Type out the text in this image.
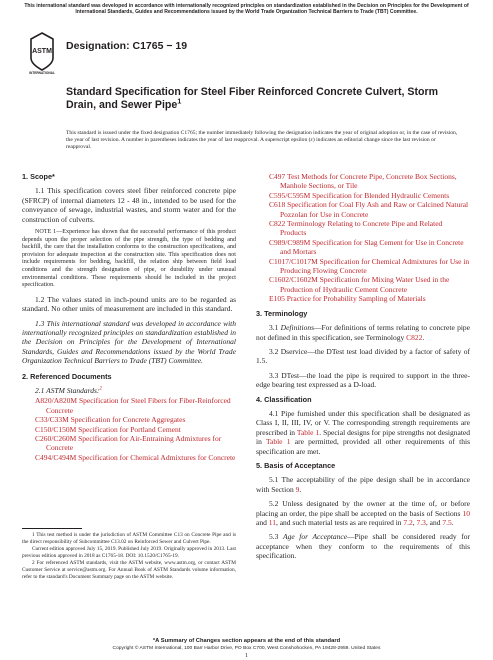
This international standard was developed in accordance with internationally recognized principles on standardization established in the Decision on Principles for the Development of International Standards, Guides and Recommendations issued by the World Trade Organization Technical Barriers to Trade (TBT) Committee.
ASTM
INTERNATIONAL
Designation: C1765 − 19
Standard Specification for Steel Fiber Reinforced Concrete Culvert, Storm Drain, and Sewer Pipe$^1$
This standard is issued under the fixed designation C1765; the number immediately following the designation indicates the year of original adoption or, in the case of revision, the year of last revision. A number in parentheses indicates the year of last reapproval. A superscript epsilon (ε) indicates an editorial change since the last revision or reapproval.
1. Scope*

1.1 This specification covers steel fiber reinforced concrete pipe (SFRCP) of internal diameters 12 - 48 in., intended to be used for the conveyance of sewage, industrial wastes, and storm water and for the construction of culverts.

NOTE 1—Experience has shown that the successful performance of this product depends upon the proper selection of the pipe strength, the type of bedding and backfill, the care that the installation conforms to the construction specifications, and provision for adequate inspection at the construction site. This specification does not include requirements for bedding, backfill, the relation ship between field load conditions and the strength designation of pipe, or durability under unusual environmental conditions. These requirements should be included in the project specification.

1.2 The values stated in inch-pound units are to be regarded as standard. No other units of measurement are included in this standard.

1.3 This international standard was developed in accordance with internationally recognized principles on standardization established in the Decision on Principles for the Development of International Standards, Guides and Recommendations issued by the World Trade Organization Technical Barriers to Trade (TBT) Committee.

2. Referenced Documents

2.1 ASTM Standards:$^2$

A820/A820M Specification for Steel Fibers for Fiber-Reinforced Concrete

C33/C33M Specification for Concrete Aggregates

C150/C150M Specification for Portland Cement

C260/C260M Specification for Air-Entraining Admixtures for Concrete

C494/C494M Specification for Chemical Admixtures for Concrete

1 This test method is under the jurisdiction of ASTM Committee C13 on Concrete Pipe and is the direct responsibility of Subcommittee C13.02 on Reinforced Sewer and Culvert Pipe.

Current edition approved July 15, 2019. Published July 2019. Originally approved in 2013. Last previous edition approved in 2018 as C1765-18. DOI: 10.1520/C1765-19.

2 For referenced ASTM standards, visit the ASTM website, www.astm.org, or contact ASTM Customer Service at service@astm.org. For Annual Book of ASTM Standards volume information, refer to the standard's Document Summary page on the ASTM website.

C497 Test Methods for Concrete Pipe, Concrete Box Sections, Manhole Sections, or Tile

C595/C595M Specification for Blended Hydraulic Cements

C618 Specification for Coal Fly Ash and Raw or Calcined Natural Pozzolan for Use in Concrete

C822 Terminology Relating to Concrete Pipe and Related Products

C989/C989M Specification for Slag Cement for Use in Concrete and Mortars

C1017/C1017M Specification for Chemical Admixtures for Use in Producing Flowing Concrete

C1602/C1602M Specification for Mixing Water Used in the Production of Hydraulic Cement Concrete

E105 Practice for Probability Sampling of Materials

3. Terminology

3.1 Definitions—For definitions of terms relating to concrete pipe not defined in this specification, see Terminology C822.

3.2 Dservice—the DTest test load divided by a factor of safety of 1.5.

3.3 DTest—the load the pipe is required to support in the three-edge bearing test expressed as a D-load.

4. Classification

4.1 Pipe furnished under this specification shall be designated as Class I, II, III, IV, or V. The corresponding strength requirements are prescribed in Table 1. Special designs for pipe strengths not designated in Table 1 are permitted, provided all other requirements of this specification are met.

5. Basis of Acceptance

5.1 The acceptability of the pipe design shall be in accordance with Section 9.

5.2 Unless designated by the owner at the time of, or before placing an order, the pipe shall be accepted on the basis of Sections 10 and 11, and such material tests as are required in 7.2, 7.3, and 7.5.

5.3 Age for Acceptance—Pipe shall be considered ready for acceptance when they conform to the requirements of this specification.

*A Summary of Changes section appears at the end of this standard
Copyright © ASTM International, 100 Barr Harbor Drive, PO Box C700, West Conshohocken, PA 19428-2959. United States
1
